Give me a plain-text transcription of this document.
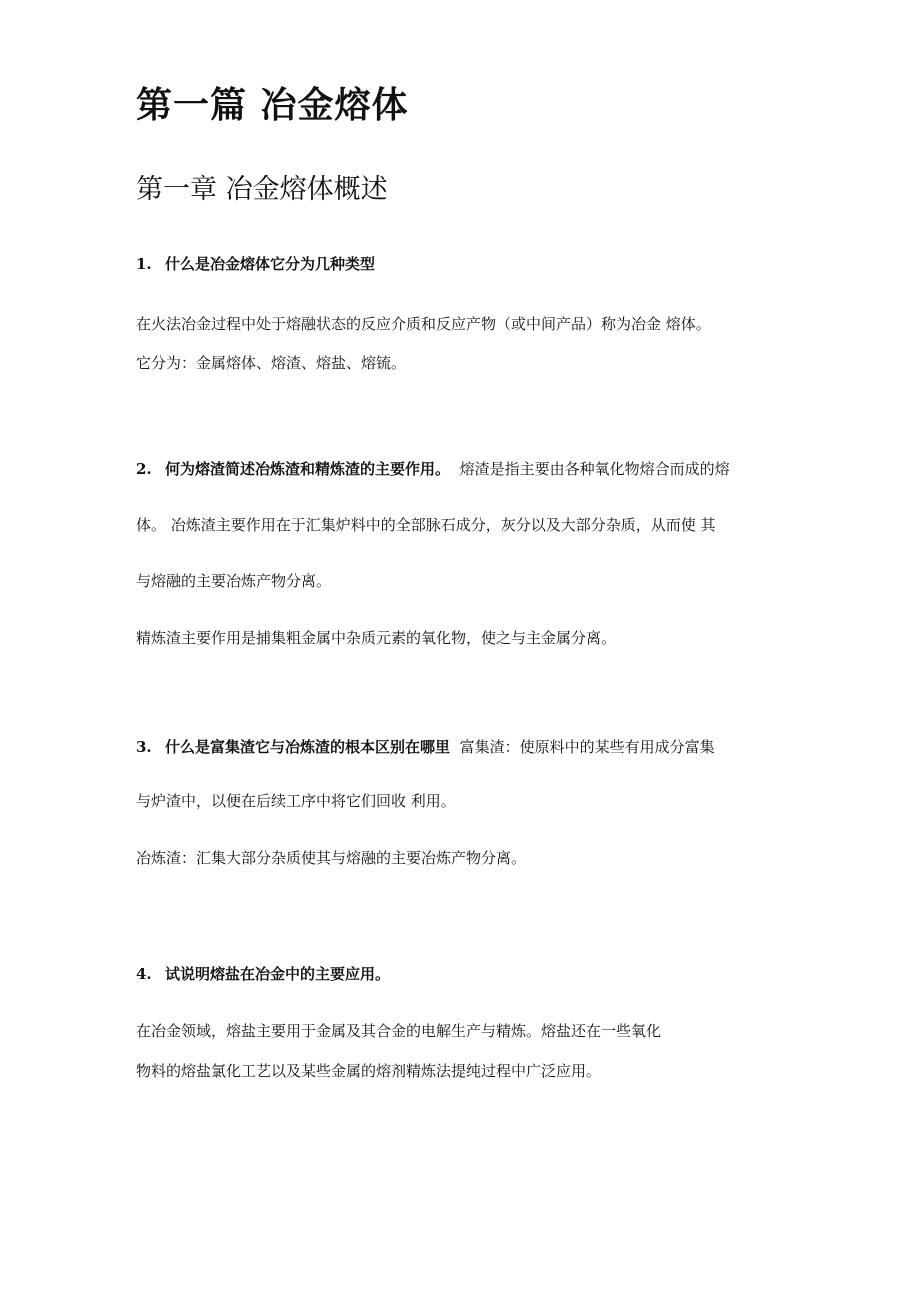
第一篇 冶金熔体
第一章 冶金熔体概述

1. 什么是冶金熔体它分为几种类型

在火法冶金过程中处于熔融状态的反应介质和反应产物（或中间产品）称为冶金 熔体。

它分为：金属熔体、熔渣、熔盐、熔锍。

2. 何为熔渣简述冶炼渣和精炼渣的主要作用。 熔渣是指主要由各种氧化物熔合而成的熔

体。 冶炼渣主要作用在于汇集炉料中的全部脉石成分，灰分以及大部分杂质，从而使 其

与熔融的主要冶炼产物分离。

精炼渣主要作用是捕集粗金属中杂质元素的氧化物，使之与主金属分离。

3. 什么是富集渣它与冶炼渣的根本区别在哪里 富集渣：使原料中的某些有用成分富集

与炉渣中，以便在后续工序中将它们回收 利用。

冶炼渣：汇集大部分杂质使其与熔融的主要冶炼产物分离。

4. 试说明熔盐在冶金中的主要应用。

在冶金领域，熔盐主要用于金属及其合金的电解生产与精炼。熔盐还在一些氧化

物料的熔盐氯化工艺以及某些金属的熔剂精炼法提纯过程中广泛应用。
